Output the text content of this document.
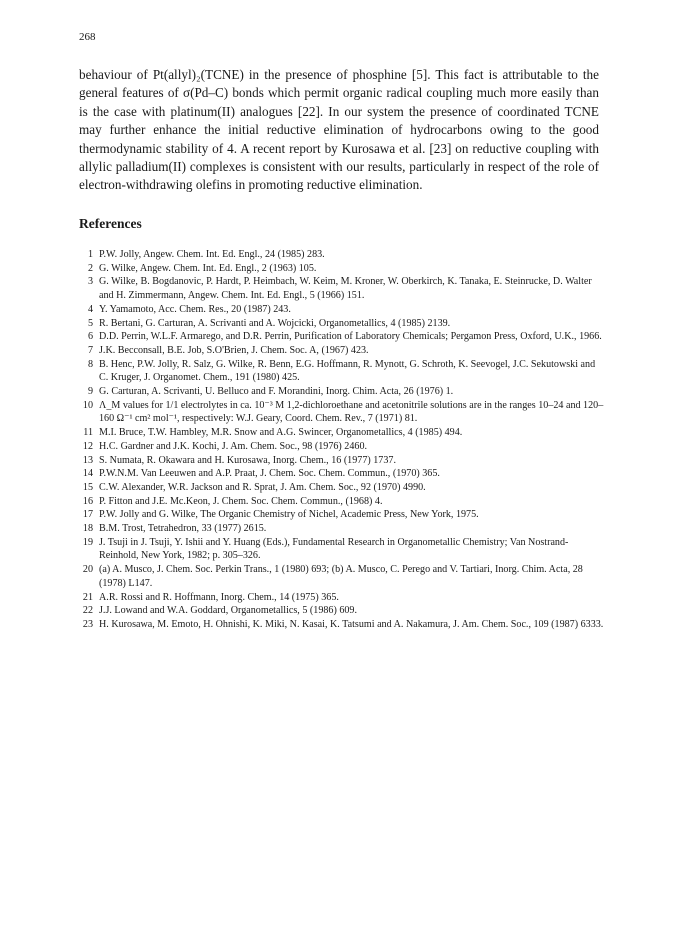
268
behaviour of Pt(allyl)₂(TCNE) in the presence of phosphine [5]. This fact is attributable to the general features of σ(Pd–C) bonds which permit organic radical coupling much more easily than is the case with platinum(II) analogues [22]. In our system the presence of coordinated TCNE may further enhance the initial reductive elimination of hydrocarbons owing to the good thermodynamic stability of 4. A recent report by Kurosawa et al. [23] on reductive coupling with allylic palladium(II) complexes is consistent with our results, particularly in respect of the role of electron-withdrawing olefins in promoting reductive elimination.
References
1 P.W. Jolly, Angew. Chem. Int. Ed. Engl., 24 (1985) 283.
2 G. Wilke, Angew. Chem. Int. Ed. Engl., 2 (1963) 105.
3 G. Wilke, B. Bogdanovic, P. Hardt, P. Heimbach, W. Keim, M. Kroner, W. Oberkirch, K. Tanaka, E. Steinrucke, D. Walter and H. Zimmermann, Angew. Chem. Int. Ed. Engl., 5 (1966) 151.
4 Y. Yamamoto, Acc. Chem. Res., 20 (1987) 243.
5 R. Bertani, G. Carturan, A. Scrivanti and A. Wojcicki, Organometallics, 4 (1985) 2139.
6 D.D. Perrin, W.L.F. Armarego, and D.R. Perrin, Purification of Laboratory Chemicals; Pergamon Press, Oxford, U.K., 1966.
7 J.K. Becconsall, B.E. Job, S.O'Brien, J. Chem. Soc. A, (1967) 423.
8 B. Henc, P.W. Jolly, R. Salz, G. Wilke, R. Benn, E.G. Hoffmann, R. Mynott, G. Schroth, K. Seevogel, J.C. Sekutowski and C. Kruger, J. Organomet. Chem., 191 (1980) 425.
9 G. Carturan, A. Scrivanti, U. Belluco and F. Morandini, Inorg. Chim. Acta, 26 (1976) 1.
10 Λ_M values for 1/1 electrolytes in ca. 10⁻³ M 1,2-dichloroethane and acetonitrile solutions are in the ranges 10–24 and 120–160 Ω⁻¹ cm² mol⁻¹, respectively: W.J. Geary, Coord. Chem. Rev., 7 (1971) 81.
11 M.I. Bruce, T.W. Hambley, M.R. Snow and A.G. Swincer, Organometallics, 4 (1985) 494.
12 H.C. Gardner and J.K. Kochi, J. Am. Chem. Soc., 98 (1976) 2460.
13 S. Numata, R. Okawara and H. Kurosawa, Inorg. Chem., 16 (1977) 1737.
14 P.W.N.M. Van Leeuwen and A.P. Praat, J. Chem. Soc. Chem. Commun., (1970) 365.
15 C.W. Alexander, W.R. Jackson and R. Sprat, J. Am. Chem. Soc., 92 (1970) 4990.
16 P. Fitton and J.E. Mc.Keon, J. Chem. Soc. Chem. Commun., (1968) 4.
17 P.W. Jolly and G. Wilke, The Organic Chemistry of Nichel, Academic Press, New York, 1975.
18 B.M. Trost, Tetrahedron, 33 (1977) 2615.
19 J. Tsuji in J. Tsuji, Y. Ishii and Y. Huang (Eds.), Fundamental Research in Organometallic Chemistry; Van Nostrand-Reinhold, New York, 1982; p. 305–326.
20 (a) A. Musco, J. Chem. Soc. Perkin Trans., 1 (1980) 693; (b) A. Musco, C. Perego and V. Tartiari, Inorg. Chim. Acta, 28 (1978) L147.
21 A.R. Rossi and R. Hoffmann, Inorg. Chem., 14 (1975) 365.
22 J.J. Lowand and W.A. Goddard, Organometallics, 5 (1986) 609.
23 H. Kurosawa, M. Emoto, H. Ohnishi, K. Miki, N. Kasai, K. Tatsumi and A. Nakamura, J. Am. Chem. Soc., 109 (1987) 6333.
